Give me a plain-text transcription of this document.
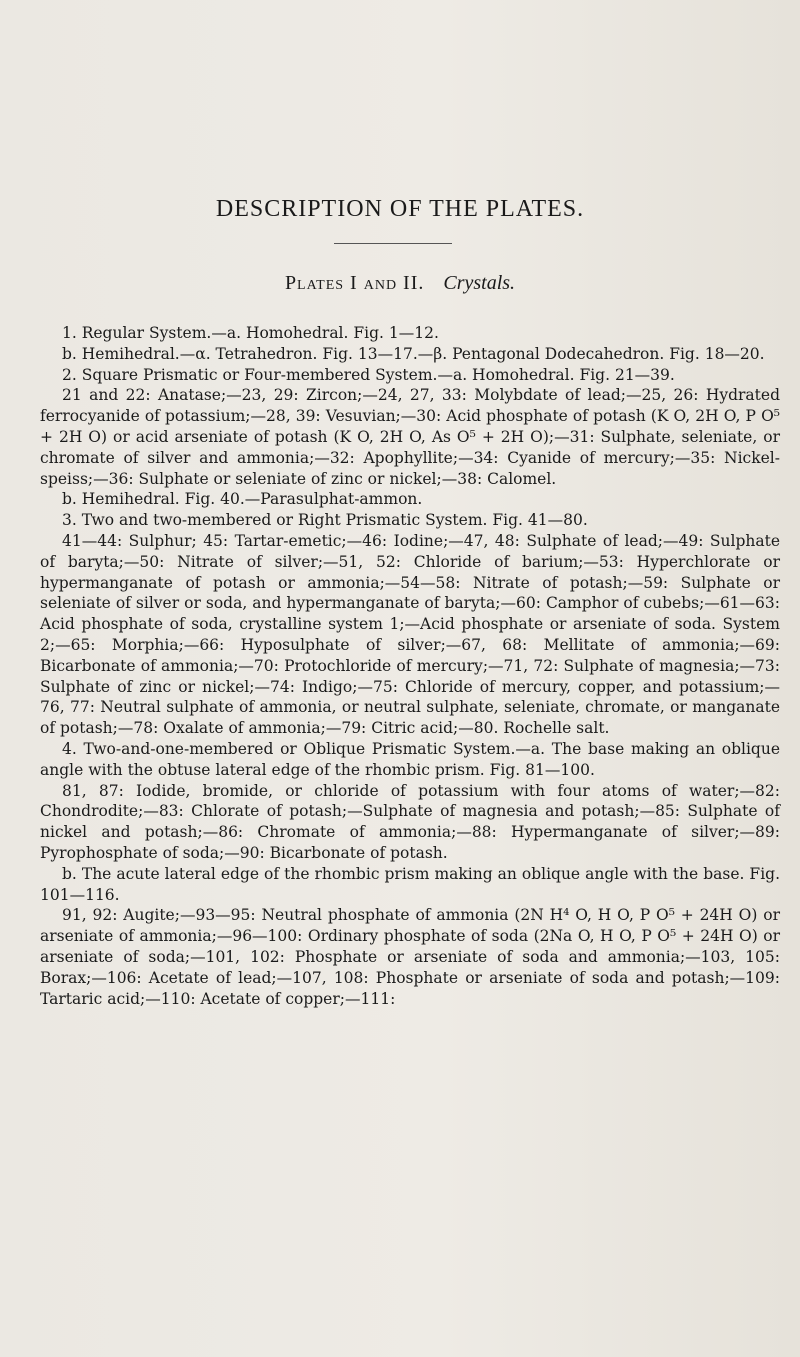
DESCRIPTION OF THE PLATES.
Plates I and II. Crystals.

1. Regular System.—a. Homohedral. Fig. 1—12.

b. Hemihedral.—α. Tetrahedron. Fig. 13—17.—β. Pentagonal Dodecahedron. Fig. 18—20.

2. Square Prismatic or Four-membered System.—a. Homohedral. Fig. 21—39.

21 and 22: Anatase;—23, 29: Zircon;—24, 27, 33: Molybdate of lead;—25, 26: Hydrated ferrocyanide of potassium;—28, 39: Vesuvian;—30: Acid phosphate of potash (K O, 2H O, P O⁵ + 2H O) or acid arseniate of potash (K O, 2H O, As O⁵ + 2H O);—31: Sulphate, seleniate, or chromate of silver and ammonia;—32: Apophyllite;—34: Cyanide of mercury;—35: Nickel-speiss;—36: Sulphate or seleniate of zinc or nickel;—38: Calomel.

b. Hemihedral. Fig. 40.—Parasulphat-ammon.

3. Two and two-membered or Right Prismatic System. Fig. 41—80.

41—44: Sulphur; 45: Tartar-emetic;—46: Iodine;—47, 48: Sulphate of lead;—49: Sulphate of baryta;—50: Nitrate of silver;—51, 52: Chloride of barium;—53: Hyperchlorate or hypermanganate of potash or ammonia;—54—58: Nitrate of potash;—59: Sulphate or seleniate of silver or soda, and hypermanganate of baryta;—60: Camphor of cubebs;—61—63: Acid phosphate of soda, crystalline system 1;—Acid phosphate or arseniate of soda. System 2;—65: Morphia;—66: Hyposulphate of silver;—67, 68: Mellitate of ammonia;—69: Bicarbonate of ammonia;—70: Protochloride of mercury;—71, 72: Sulphate of magnesia;—73: Sulphate of zinc or nickel;—74: Indigo;—75: Chloride of mercury, copper, and potassium;—76, 77: Neutral sulphate of ammonia, or neutral sulphate, seleniate, chromate, or manganate of potash;—78: Oxalate of ammonia;—79: Citric acid;—80. Rochelle salt.

4. Two-and-one-membered or Oblique Prismatic System.—a. The base making an oblique angle with the obtuse lateral edge of the rhombic prism. Fig. 81—100.

81, 87: Iodide, bromide, or chloride of potassium with four atoms of water;—82: Chondrodite;—83: Chlorate of potash;—Sulphate of magnesia and potash;—85: Sulphate of nickel and potash;—86: Chromate of ammonia;—88: Hypermanganate of silver;—89: Pyrophosphate of soda;—90: Bicarbonate of potash.

b. The acute lateral edge of the rhombic prism making an oblique angle with the base. Fig. 101—116.

91, 92: Augite;—93—95: Neutral phosphate of ammonia (2N H⁴ O, H O, P O⁵ + 24H O) or arseniate of ammonia;—96—100: Ordinary phosphate of soda (2Na O, H O, P O⁵ + 24H O) or arseniate of soda;—101, 102: Phosphate or arseniate of soda and ammonia;—103, 105: Borax;—106: Acetate of lead;—107, 108: Phosphate or arseniate of soda and potash;—109: Tartaric acid;—110: Acetate of copper;—111:
